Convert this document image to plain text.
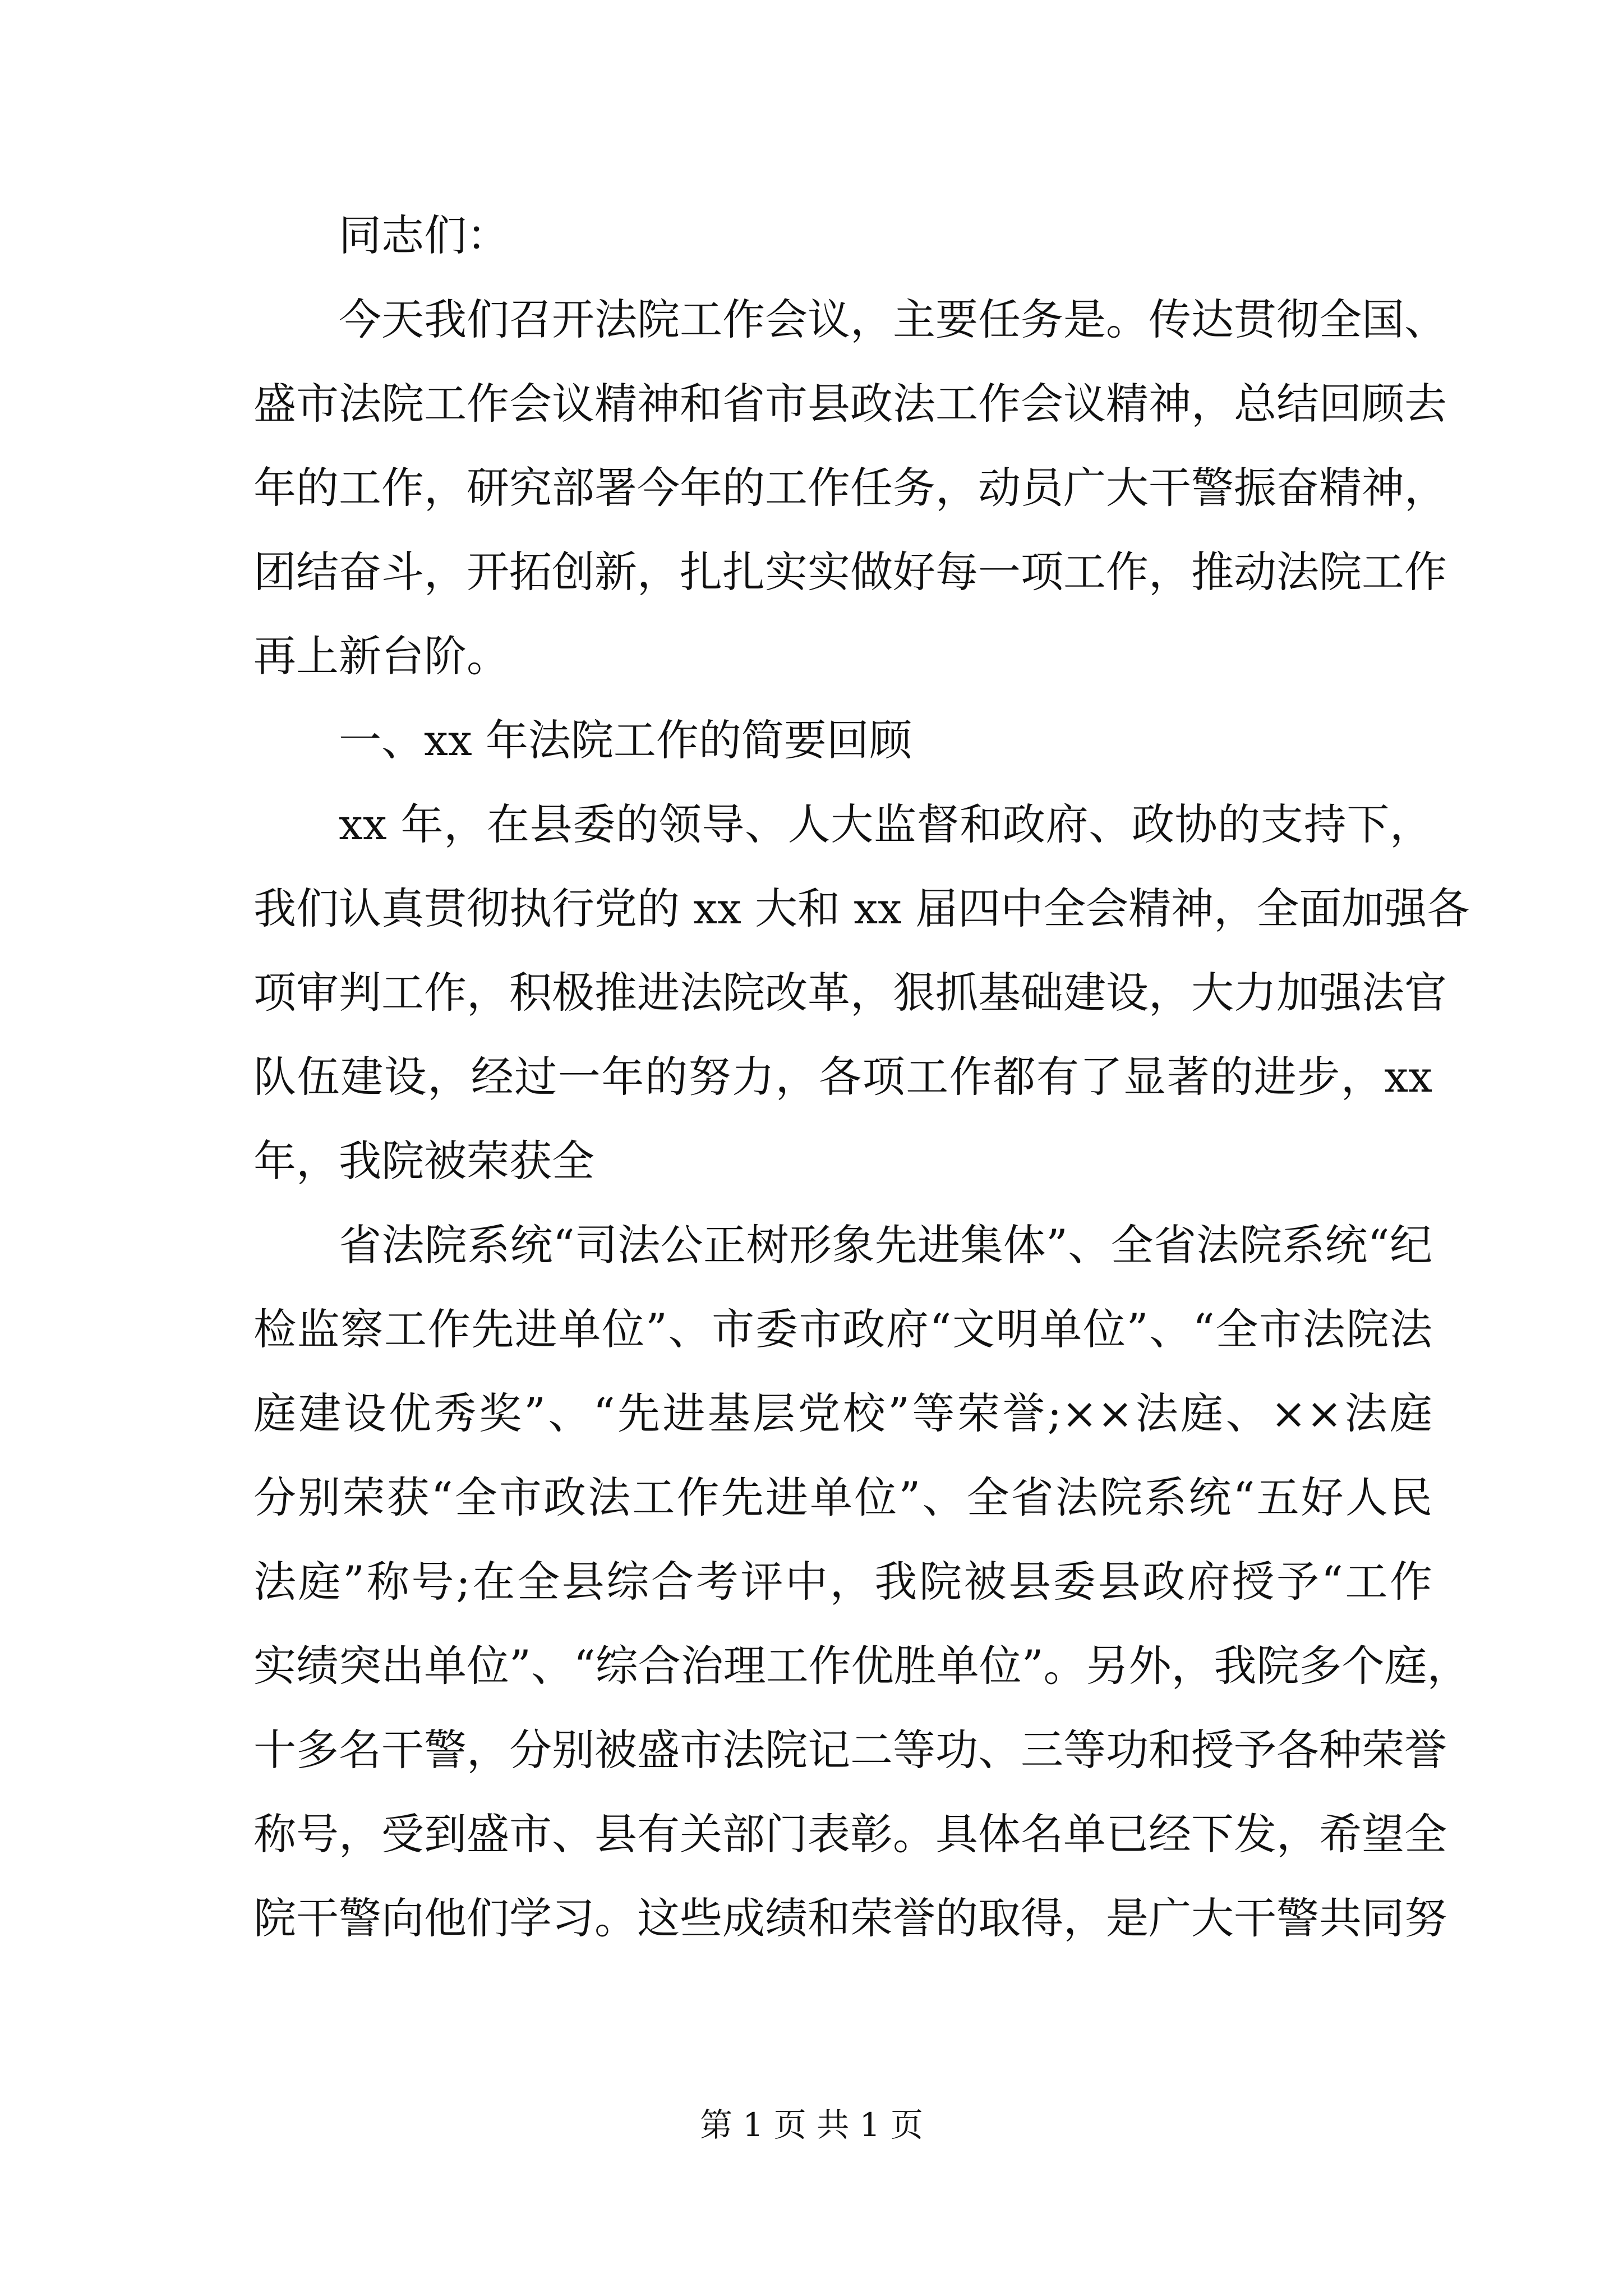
同志们：
今天我们召开法院工作会议，主要任务是。传达贯彻全国、
盛市法院工作会议精神和省市县政法工作会议精神，总结回顾去
年的工作，研究部署今年的工作任务，动员广大干警振奋精神，
团结奋斗，开拓创新，扎扎实实做好每一项工作，推动法院工作
再上新台阶。
一、xx 年法院工作的简要回顾
xx 年，在县委的领导、人大监督和政府、政协的支持下，
我们认真贯彻执行党的 xx 大和 xx 届四中全会精神，全面加强各
项审判工作，积极推进法院改革，狠抓基础建设，大力加强法官
队伍建设，经过一年的努力，各项工作都有了显著的进步，xx
年，我院被荣获全
省法院系统“司法公正树形象先进集体”、全省法院系统“纪
检监察工作先进单位”、市委市政府“文明单位”、“全市法院法
庭建设优秀奖”、“先进基层党校”等荣誉;××法庭、××法庭
分别荣获“全市政法工作先进单位”、全省法院系统“五好人民
法庭”称号;在全县综合考评中，我院被县委县政府授予“工作
实绩突出单位”、“综合治理工作优胜单位”。另外，我院多个庭，
十多名干警，分别被盛市法院记二等功、三等功和授予各种荣誉
称号，受到盛市、县有关部门表彰。具体名单已经下发，希望全
院干警向他们学习。这些成绩和荣誉的取得，是广大干警共同努
第 1 页 共 1 页
